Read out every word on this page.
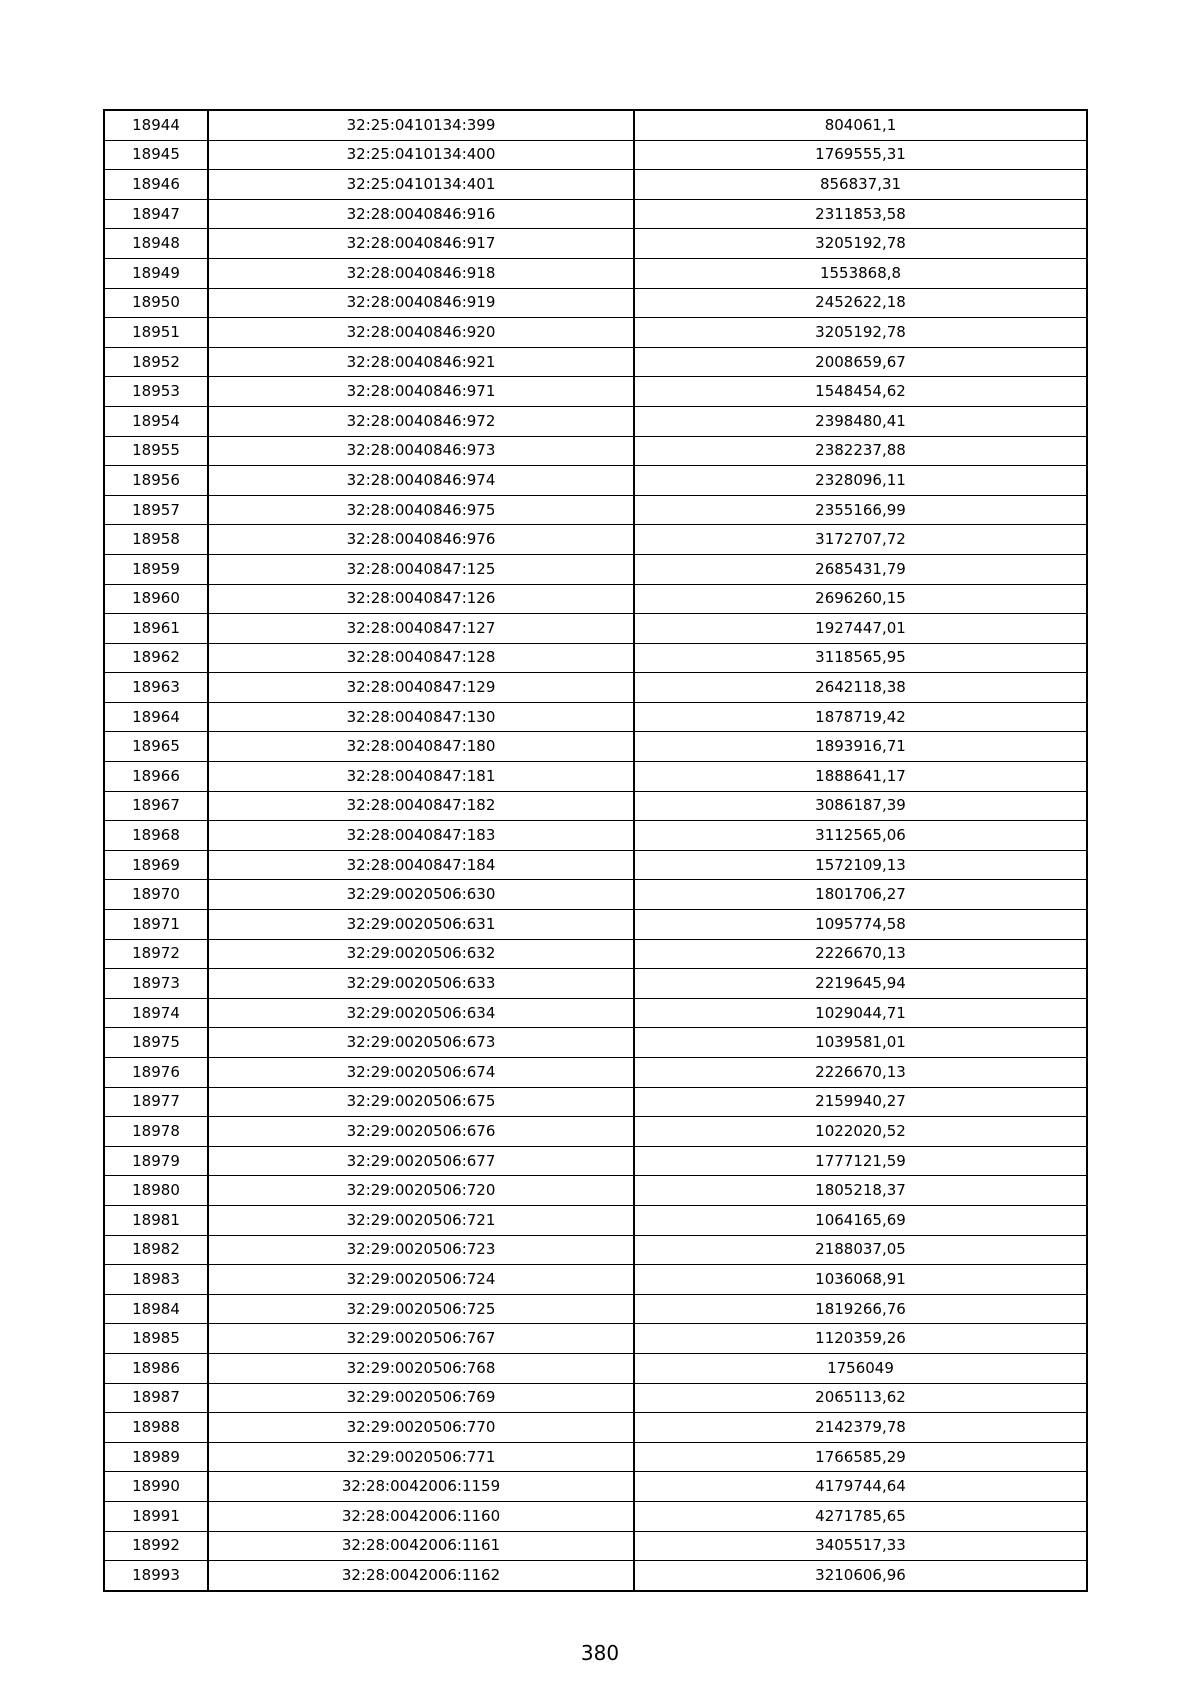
18944	32:25:0410134:399	804061,1
18945	32:25:0410134:400	1769555,31
18946	32:25:0410134:401	856837,31
18947	32:28:0040846:916	2311853,58
18948	32:28:0040846:917	3205192,78
18949	32:28:0040846:918	1553868,8
18950	32:28:0040846:919	2452622,18
18951	32:28:0040846:920	3205192,78
18952	32:28:0040846:921	2008659,67
18953	32:28:0040846:971	1548454,62
18954	32:28:0040846:972	2398480,41
18955	32:28:0040846:973	2382237,88
18956	32:28:0040846:974	2328096,11
18957	32:28:0040846:975	2355166,99
18958	32:28:0040846:976	3172707,72
18959	32:28:0040847:125	2685431,79
18960	32:28:0040847:126	2696260,15
18961	32:28:0040847:127	1927447,01
18962	32:28:0040847:128	3118565,95
18963	32:28:0040847:129	2642118,38
18964	32:28:0040847:130	1878719,42
18965	32:28:0040847:180	1893916,71
18966	32:28:0040847:181	1888641,17
18967	32:28:0040847:182	3086187,39
18968	32:28:0040847:183	3112565,06
18969	32:28:0040847:184	1572109,13
18970	32:29:0020506:630	1801706,27
18971	32:29:0020506:631	1095774,58
18972	32:29:0020506:632	2226670,13
18973	32:29:0020506:633	2219645,94
18974	32:29:0020506:634	1029044,71
18975	32:29:0020506:673	1039581,01
18976	32:29:0020506:674	2226670,13
18977	32:29:0020506:675	2159940,27
18978	32:29:0020506:676	1022020,52
18979	32:29:0020506:677	1777121,59
18980	32:29:0020506:720	1805218,37
18981	32:29:0020506:721	1064165,69
18982	32:29:0020506:723	2188037,05
18983	32:29:0020506:724	1036068,91
18984	32:29:0020506:725	1819266,76
18985	32:29:0020506:767	1120359,26
18986	32:29:0020506:768	1756049
18987	32:29:0020506:769	2065113,62
18988	32:29:0020506:770	2142379,78
18989	32:29:0020506:771	1766585,29
18990	32:28:0042006:1159	4179744,64
18991	32:28:0042006:1160	4271785,65
18992	32:28:0042006:1161	3405517,33
18993	32:28:0042006:1162	3210606,96
380
